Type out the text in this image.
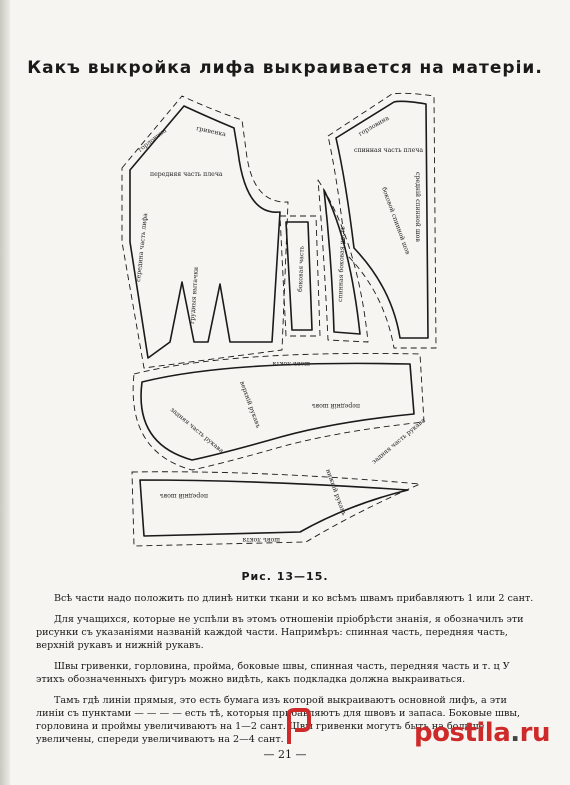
Какъ выкройка лифа выкраивается на матеріи.
горловина	гривенка
передняя часть плеча
середина часть лифа
грудныя вытачки	боковая часть	спинная боковая часть
горловина
спинная часть плеча
боковой спинной шов средній спинной шов
шовъ локтя
передній шовъ
верхній рукавъ
задняя часть рукава
передній шовъ	нижній рукавъ
задняя часть рукава
шовъ локтя
Рис. 13—15.

Всѣ части надо положить по длинѣ нитки ткани и ко всѣмъ швамъ прибавляютъ 1 или 2 сант.

Для учащихся, которые не успѣли въ этомъ отношеніи пріобрѣсти знанія, я обозначилъ эти рисунки съ указаніями названій каждой части. Напримѣръ: спинная часть, передняя часть, верхній рукавъ и нижній рукавъ.

Швы гривенки, горловина, пройма, боковые швы, спинная часть, передняя часть и т. ц У этихъ обозначенныхъ фигуръ можно видѣть, какъ подкладка должна выкраиваться.

Тамъ гдѣ линіи прямыя, это есть бумага изъ которой выкраиваютъ основной лифъ, а эти линіи съ пунктами — — — — есть тѣ, которыя прибавляютъ для швовъ и запаса. Боковые швы, горловина и проймы увеличиваютъ на 1—2 сант. Швы гривенки могутъ быть на больше увеличены, спереди увеличиваютъ на 2—4 сант.

— 21 —
postila.ru
